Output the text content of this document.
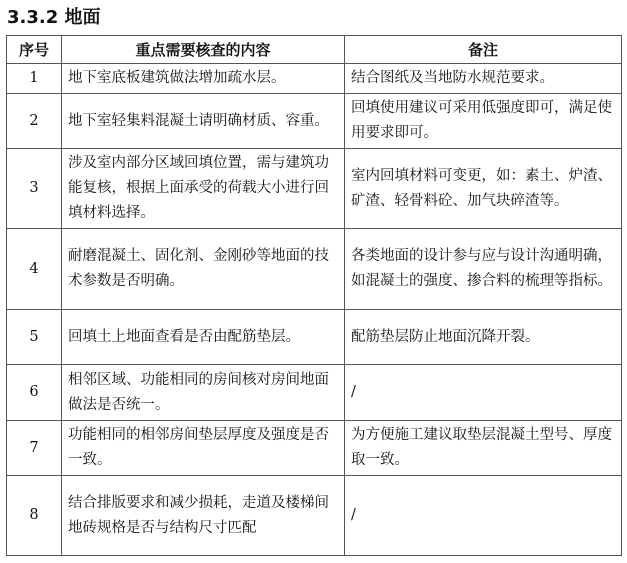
3.3.2 地面
序号	重点需要核查的内容	备注
1	地下室底板建筑做法增加疏水层。	结合图纸及当地防水规范要求。

2	地下室轻集料混凝土请明确材质、容重。	回填使用建议可采用低强度即可，满足使用要求即可。

3	涉及室内部分区域回填位置，需与建筑功能复核，根据上面承受的荷载大小进行回填材料选择。	室内回填材料可变更，如：素土、炉渣、矿渣、轻骨料砼、加气块碎渣等。

4	耐磨混凝土、固化剂、金刚砂等地面的技术参数是否明确。	各类地面的设计参与应与设计沟通明确，如混凝土的强度、掺合料的梳理等指标。

5	回填土上地面查看是否由配筋垫层。	配筋垫层防止地面沉降开裂。

6	相邻区域、功能相同的房间核对房间地面做法是否统一。	/

7	功能相同的相邻房间垫层厚度及强度是否一致。	为方便施工建议取垫层混凝土型号、厚度取一致。

8	结合排版要求和减少损耗，走道及楼梯间地砖规格是否与结构尺寸匹配	/
